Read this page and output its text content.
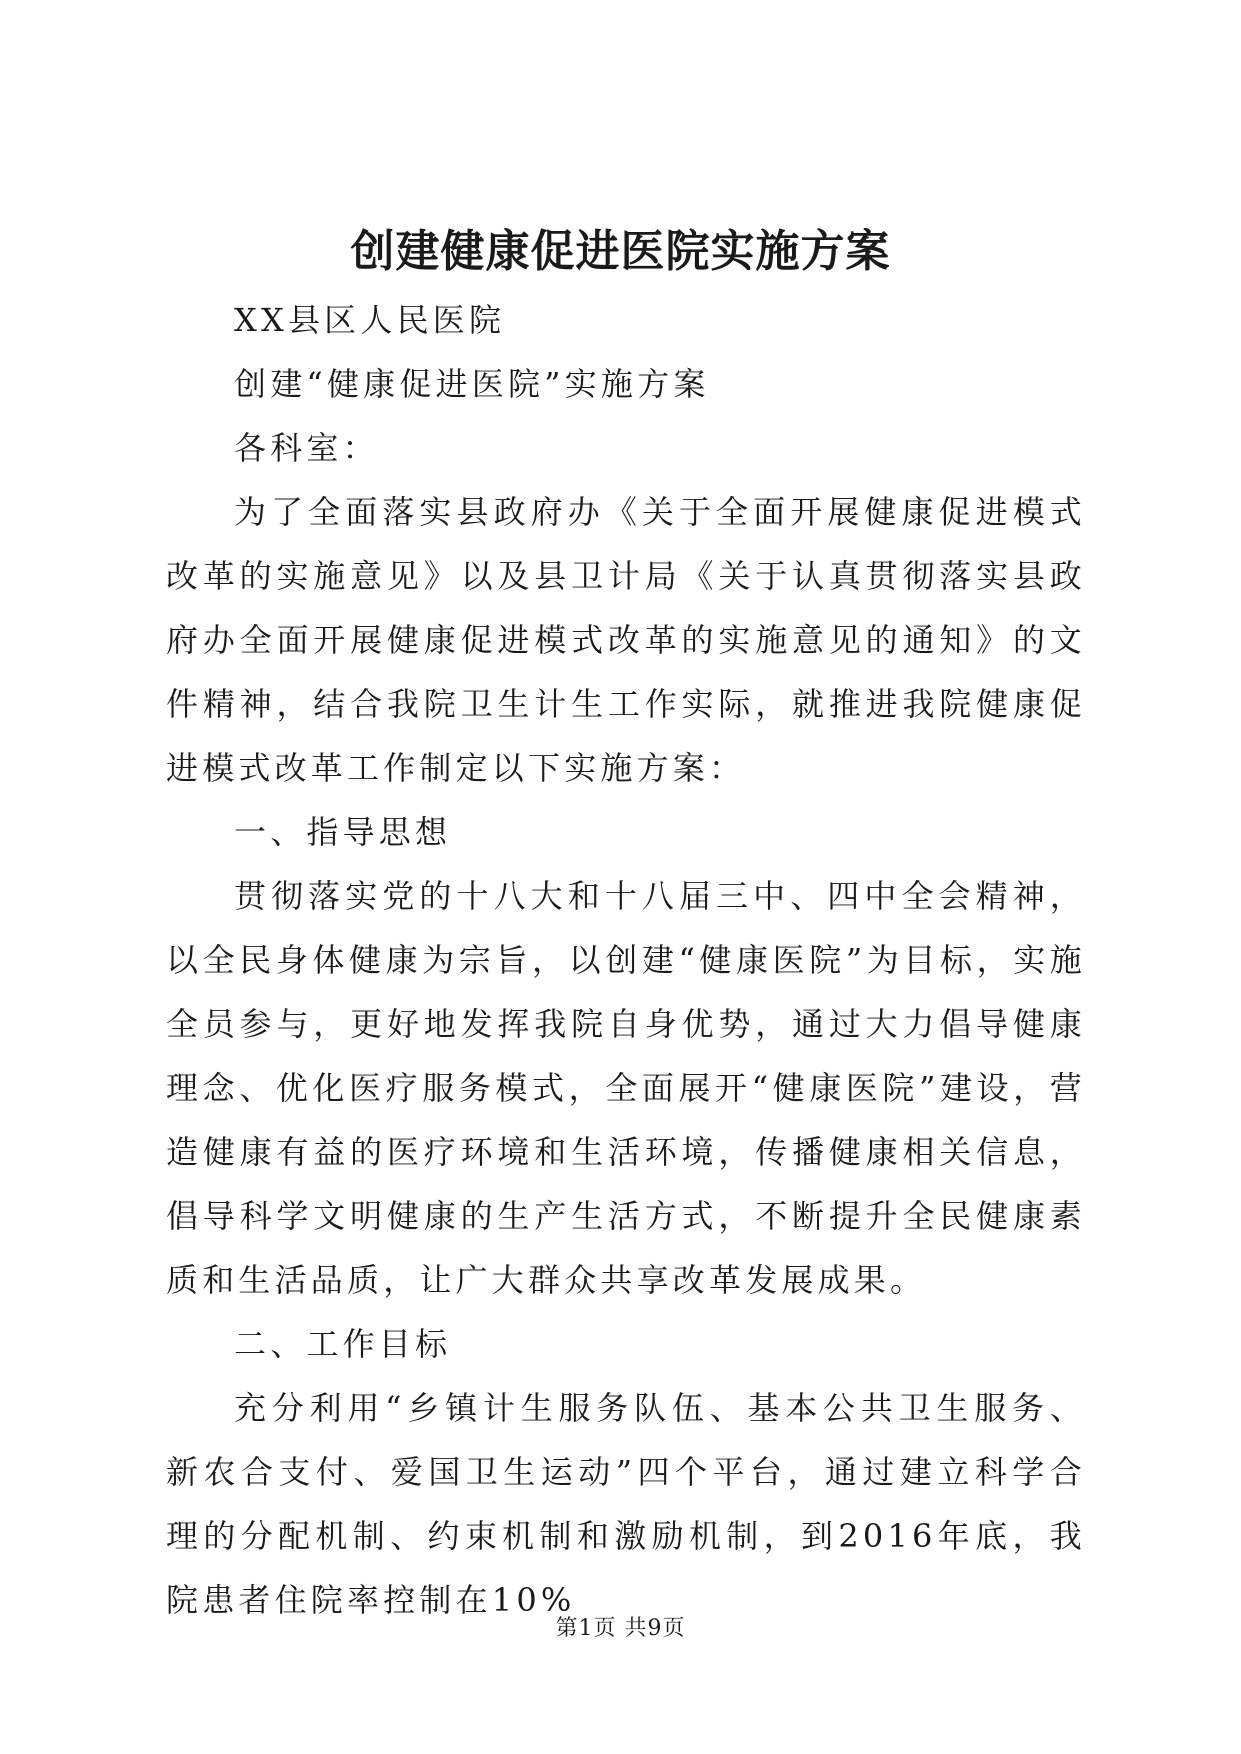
创建健康促进医院实施方案

XX县区人民医院

创建“健康促进医院”实施方案

各科室：

为了全面落实县政府办《关于全面开展健康促进模式改革的实施意见》以及县卫计局《关于认真贯彻落实县政府办全面开展健康促进模式改革的实施意见的通知》的文件精神，结合我院卫生计生工作实际，就推进我院健康促进模式改革工作制定以下实施方案：

一、指导思想

贯彻落实党的十八大和十八届三中、四中全会精神，以全民身体健康为宗旨，以创建“健康医院”为目标，实施全员参与，更好地发挥我院自身优势，通过大力倡导健康理念、优化医疗服务模式，全面展开“健康医院”建设，营造健康有益的医疗环境和生活环境，传播健康相关信息，倡导科学文明健康的生产生活方式，不断提升全民健康素质和生活品质，让广大群众共享改革发展成果。

二、工作目标

充分利用“乡镇计生服务队伍、基本公共卫生服务、新农合支付、爱国卫生运动”四个平台，通过建立科学合理的分配机制、约束机制和激励机制，到2016年底，我院患者住院率控制在10%

第1页 共9页
